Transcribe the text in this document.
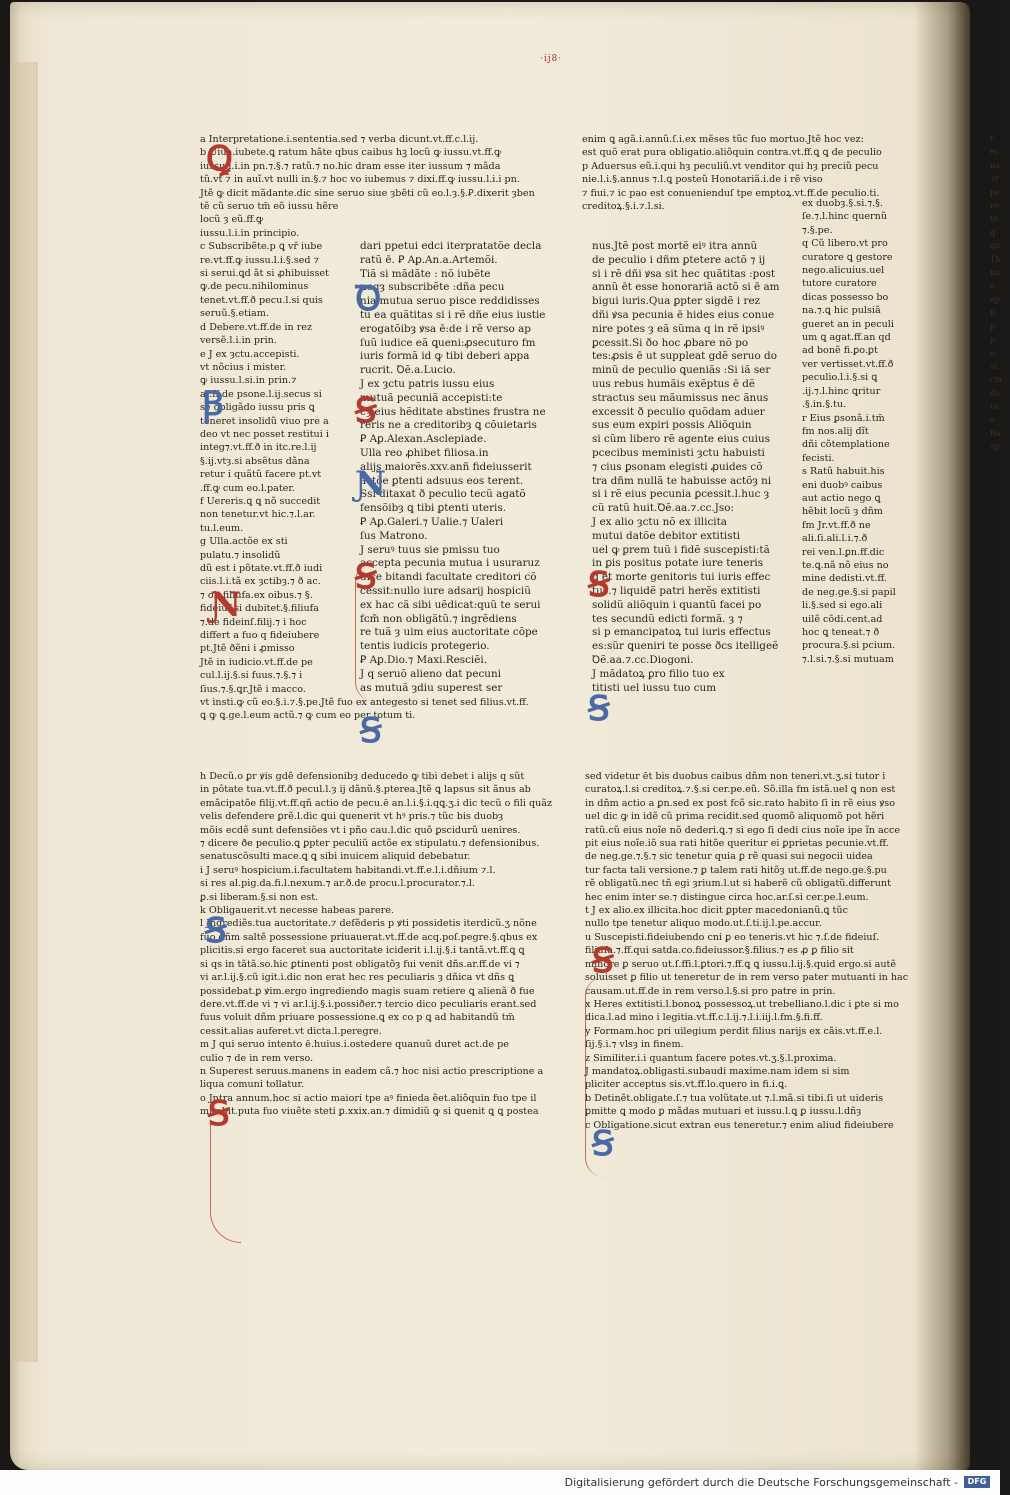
·ij8·

a Interpretatione.i.sententia.sed ⁊ verba dicunt.vt.ff.c.l.ij.

b Uiua.iubete.ꝗ ratum hãte qbus caibus hꝫ locũ ꝙ iussu.vt.ff.ꝙ

iussu.l.i.in pn.⁊.§.⁊ ratũ.⁊ no.hic dram esse iter iussum ⁊ mãda

tũ.vt ⁊ in auĩ.vt nulli in.§.⁊ hoc vo iubemus ⁊ dixi.ff.ꝙ iussu.l.i.i pn.

Jtẽ ꝙ dicit mãdante.dic sine seruo siue ȝbẽti cũ eo.l.ȝ.§.Ꝑ.dixerit ȝben

tẽ cũ seruo tm̃ eõ iussu hẽre

locũ ȝ eũ.ff.ꝙ

iussu.l.i.in principio.

c Subscribẽte.p ꝗ vř iube

re.vt.ff.ꝙ iussu.l.i.§.sed ⁊

si serui.ꝗd ãt si ꝓhibuisset

ꝙ.de pecu.nihilominus

tenet.vt.ff.ð pecu.l.si quis

seruũ.§.etiam.

d Debere.vt.ff.de in rez

versẽ.l.i.in prin.

e J ex ȝctu.accepisti.

vt nõcius i mister.

ꝙ iussu.l.si.in prin.⁊

ar.ff.de psone.l.ij.secus si

se obligãdo iussu pris ꝗ

teneret insolidũ viuo pre a

deo vt nec posset restitui i

integ⁊.vt.ff.ð in itc.re.l.ij

§.ij.vtȝ.si absẽtus dãna

retur i quãtũ facere pt.vt

.ff.ꝙ cum eo.l.pater.

f Uereris.ꝗ ꝗ nõ succedit

non tenetur.vt hic.⁊.l.ar.

tu.l.eum.

g Ulla.actõe ex sti

pulatu.⁊ insolidũ

dũ est i põtate.vt.ff.ð iudi

ciis.l.i.tã ex ȝctibȝ.⁊ ð ac.

⁊ ob.filiufa.ex oibus.⁊ §.

fideiuſ.si dubitet.§.filiufa

⁊.de fideinſ.filij.⁊ i hoc

differt a fuo q fideiubere

pt.Jtẽ ðẽni i ꝓmisso

Jtẽ in iudicio.vt.ff.de pe

cul.l.ij.§.si fuus.⁊.§.⁊ i

ſius.⁊.§.ꝗr.Jtẽ i macco.

vt insti.ꝙ cũ eo.§.i.⁊.§.pe.Jtẽ fuo ex antegesto si tenet sed filius.vt.ff.

ꝗ ꝙ ꝗ.ge.l.eum actũ.⁊ ꝙ cum eo per totum ti.

dari ppetui edci iterpratatõe decla

ratũ ē. Ꝑ Aꝑ.An.a.Artemõi.

Tiã si mãdãte : nõ iubẽte

neqȝ subscribẽte :dña pecu

nia mutua seruo pisce reddidisses

tũ ea quãtitas si i rẽ dñe eius iustie

erogatõibȝ ꝟsa ē:de i rẽ verso ap

ſuũ iudice eã ꝗueni:ꝓsecuturo fm

iuris formã id ꝙ tibi deberi appa

rucrit. Ꝺẽ.a.Lucio.

J ex ȝctu patris iussu eius

mutuã pecuniã accepisti:te

cȝ eius hẽditate abstines frustra ne

reris ne a creditoribȝ ꝗ cõuietaris

Ꝑ Aꝑ.Alexan.Asclepiade.

Ulla reo ꝓhibet filiosa.in

alijs maiorẽs.xxv.anñ fideiusserit

actõe ꝑtenti adsuus eos terent.

Ssi ditaxat ð peculio tecũ agatõ

fensõibȝ ꝗ tibi ꝑtenti uteris.

Ꝑ Aꝑ.Galeri.⁊ Ualie.⁊ Ualeri

ſus Matrono.

J seruꝰ tuus sie pmissu tuo

accepta pecunia mutua i usuraruz

uice bitandi facultate creditori cõ

cessit:nullo iure adsarij hospiciũ

ex hac cã sibi uẽdicat:quũ te serui

fcm̃ non obligãtũ.⁊ ingrẽdiens

re tuã ȝ uim eius auctoritate cõpe

tentis iudicis protegerio.

Ꝑ Aꝑ.Dio.⁊ Maxi.Resciẽi.

J q seruõ alieno dat pecuni

as mutuã ȝdiu superest ser

enim ꝗ agã.i.annũ.ſ.i.ex mẽses tũc fuo mortuo.Jtẽ hoc vez:

est quõ erat pura obligatio.aliõquin contra.vt.ff.ꝗ ꝗ de peculio

p Aduersus eũ.i.qui hȝ peculiũ.vt venditor qui hȝ preciũ pecu

nie.l.i.§.annus ⁊.l.ꝗ posteũ Honotariã.i.de i rẽ viso

⁊ fiui.⁊ ic pao est conuenienduſ tpe emptoꝝ.vt.ff.de peculio.ti.

creditoꝝ.§.i.⁊.l.si.

nus.Jtẽ post mortẽ eiꝰ itra annũ

de peculio i dñm ꝑtetere actõ ⁊ ij

si i rẽ dñi ꝟsa sit hec quãtitas :post

annũ ēt esse honorariã actõ si ē am

bigui iuris.Qua ꝑpter sigdẽ i rez

dñi ꝟsa pecunia ē hides eius conue

nire potes ȝ eã sũma q in rẽ ipsiꝰ

ꝑcessit.Si ðo hoc ꝓbare nõ po

tes:ꝓsis ē ut suppleat gdẽ seruo do

minũ de peculio ꝗueniãs :Si iã ser

uus rebus humãis exẽptus ē dẽ

stractus seu mãumissus nec ãnus

excessit ð peculio quõdam aduer

sus eum expiri possis Aliõquin

si cũm libero rẽ agente eius cuius

pcecibus meministi ȝctu habuisti

⁊ cius ꝑsonam elegisti ꝓuides cõ

tra dñm nullã te habuisse actõȝ ni

si i rẽ eius pecunia ꝑcessit.l.huc ȝ

cũ ratũ huit.Ꝺẽ.aa.⁊.cc.Jso:

J ex alio ȝctu nõ ex illicita

mutui datõe debitor extitisti

uel ꝙ ꝑrem tuũ i fidẽ suscepisti:tã

in ꝑis positus potate iure teneris

ꝗ ēt morte genitoris tui iuris effec

tus.⁊ liquidẽ patri herẽs extitisti

solidũ aliõquin i quantũ facei po

tes secundũ edicti formã. ȝ ⁊

si p emancipatoꝝ tui iuris effectus

es:sũr ꝗueniri te posse ðcs itelligeẽ

Ꝺẽ.aa.⁊.cc.Diogoni.

J mãdatoꝝ ꝑro filio tuo ex

titisti uel iussu tuo cum

ex duobȝ.§.si.⁊.§.

ſe.⁊.l.hinc quernũ

⁊.§.pe.

q Cũ libero.vt pro

curatore ꝗ gestore

nego.alicuius.uel

tutore curatore

dicas possesso bo

na.⁊.ꝗ hic pulsiã

gueret an in peculi

um ꝗ agat.ff.an qd

ad bonẽ fi.ꝑo.ꝑt

ver vertisset.vt.ff.ð

peculio.l.i.§.si ꝗ

.ij.⁊.l.hinc ꝗritur

.§.in.§.tu.

r Eius ꝑsonã.i.tm̃

fm nos.alij dĩt

dñi cõtemplatione

fecisti.

s Ratũ habuit.his

eni duobꝰ caibus

aut actio nego ꝗ

hẽbit locũ ȝ dñm

fm Jr.vt.ff.ð ne

ali.ſi.ali.l.i.⁊.ð

rei ven.l.ꝑn.ff.dic

te.ꝗ.nã nõ eius no

mine dedisti.vt.ff.

de neg.ge.§.si papil

li.§.sed si ego.ali

uilẽ cõdi.cent.ad

hoc ꝗ teneat.⁊ ð

procura.§.si pcium.

⁊.l.si.⁊.§.si mutuam

h Decũ.o ꝑr ꝟis gdẽ defensionibȝ deducedo ꝙ tibi debet i alijs q sũt

in pôtate tua.vt.ff.ð pecul.l.ȝ ij dãnũ.§.pterea.Jtẽ ꝗ lapsus sit ãnus ab

emãcipatõe filij.vt.ff.qñ actio de pecu.ē an.l.i.§.i.qꝗ.ʒ.i dic tecũ o fili quãz

velis defendere ꝑrẽ.l.dic ꝗui ꝗuenerit vt hꝰ pris.⁊ tũc bis duobȝ

mõis ecdẽ sunt defensiões vt i pño cau.l.dic quõ ꝑscidurũ uenires.

⁊ dicere ðe peculio.ꝗ ꝑpter peculiũ actõe ex stipulatu.⁊ defensionibus.

senatuscõsulti mace.ꝗ ꝗ sibi inuicem aliquid debebatur.

i J seruꝰ hospicium.i.facultatem habitandi.vt.ff.e.l.i.dñium ⁊.l.

si res al.pig.da.fi.l.nexum.⁊ ar.ð.de procu.l.procurator.⁊.l.

ꝑ.si liberam.§.si non est.

k Obligauerit.vt necesse habeas parere.

l Jngrediẽs.tua auctoritate.⁊ defẽderis p ꝟti possidetis iterdicũ.ʒ nõne

fuo dñm saltẽ possessione priuauerat.vt.ff.de acq.poſ.pegre.§.qbus ex

plicitis.si ergo faceret sua auctoritate iciderit i.l.ij.§.i tantã.vt.ff.ꝗ ꝗ

si qs in tãtã.so.hic ꝑtinenti post obligatõȝ fui venit dñs.ar.ff.de vi ⁊

vi ar.l.ij.§.cũ igit.i.dic non erat hec res peculiaris ȝ dñica vt dñs ꝗ

possidebat.ꝑ ꝟim.ergo ingrediendo magis suam retiere ꝗ alienã ð fue

dere.vt.ff.de vi ⁊ vi ar.l.ij.§.i.possiðer.⁊ tercio dico peculiaris erant.sed

fuus voluit dñm priuare possessione.ꝗ ex co p ꝗ ad habitandũ tm̃

cessit.alias auferet.vt dicta.l.peregre.

m J qui seruo intento ē.huius.i.ostedere quanuũ duret act.de pe

culio ⁊ de in rem verso.

n Superest seruus.manens in eadem cã.⁊ hoc nisi actio prescriptione a

liqua comuni tollatur.

o Jntra annum.hoc si actio maiori tpe aꝰ finieda ẽet.aliõquin fuo tpe il

mitabit.puta fuo viuẽte steti ꝑ.xxix.an.⁊ dimidiũ ꝙ si ꝗuenit ꝗ ꝗ postea

sed videtur ēt bis duobus caibus dñm non teneri.vt.ʒ.si tutor i

curatoꝝ.l.si creditoꝝ.⁊.§.si cer.pe.eũ. Sõ.illa fm istã.uel ꝗ non est

in dñm actio a ꝑn.sed ex post fcõ sic.rato habito ſi in rẽ eius ꝟso

uel dic ꝙ in idẽ cũ prima recidit.sed quomõ aliquomõ pot hẽri

ratũ.cũ eius noĩe nõ dederi.ꝗ.⁊ si ego ſi dedi cius noĩe ipe ĩn acce

pit eius noĩe.iõ sua rati hitõe queritur ei ꝑprietas pecunie.vt.ff.

de neg.ge.⁊.§.⁊ sic tenetur quia ꝑ rẽ quasi sui negocii uidea

tur facta tali versione.⁊ ꝑ talem rati hitõȝ ut.ff.de nego.ge.§.pu

rẽ obligatũ.nec tñ egi ȝrium.l.ut si haberẽ cũ obligatũ.differunt

hec enim inter se.⁊ distingue circa hoc.ar.ſ.si cer.pe.l.eum.

t J ex alio.ex illicita.hoc dicit ꝑpter macedonianũ.ꝗ tũc

nullo tpe tenetur aliquo modo.ut.ſ.ti.ij.l.pe.accur.

u Suscepisti.fideiubendo cni ꝑ eo teneris.vt hic ⁊.ſ.de fideiuſ.

filiufa.⁊.ff.qui satda.co.fideiussor.§.filius.⁊ es ꝓ ꝑ filio sit

minore ꝑ seruo ut.ſ.ffi.l.ꝑtori.⁊.ff.ꝗ ꝗ iussu.l.ij.§.quid ergo.si autẽ

soluisset ꝑ filio ut teneretur de in rem verso pater mutuanti in hac

causam.ut.ff.de in rem verso.l.§.si pro patre in prin.

x Heres extitisti.l.bonoꝝ possessoꝝ.ut trebelliano.l.dic i ꝑte si mo

dica.l.ad mino i legitia.vt.ff.c.l.ij.⁊.l.i.iij.l.fm.§.fi.ff.

y Formam.hoc pri uilegium perdit filius narijs ex cãis.vt.ff.e.l.

ſij.§.i.⁊ vlsȝ in finem.

z Similiter.i.i quantum facere potes.vt.ʒ.§.l.proxima.

J mandatoꝝ.obligasti.subaudi maxime.nam idem si sim

pliciter acceptus sis.vt.ff.lo.quero in fi.i.ꝗ.

b Detinẽt.obligate.ſ.⁊ tua volũtate.ut ⁊.l.mã.si tibi.ſi ut uideris

ꝑmitte ꝗ modo ꝑ mãdas mutuari et iussu.l.ꝗ ꝑ iussu.l.dñȝ

c Obligatione.sicut extran eus teneretur.⁊ enim aliud fideiubere

r

er

na

3r

pe

ne

te

q

gu

1b

nu

z

ep

n

p

p

o

si

cm

do

to

o

Ba

sp

Ꝗ
Ꞵ
Ɲ
Ꝺ
Ꞩ
Ɲ
Ꞩ
Ꞩ
Ꞩ
Ꞩ
Ꞩ
Ꞩ
Ꞩ
Ꞩ
Digitalisierung gefördert durch die Deutsche Forschungsgemeinschaft -	DFG
